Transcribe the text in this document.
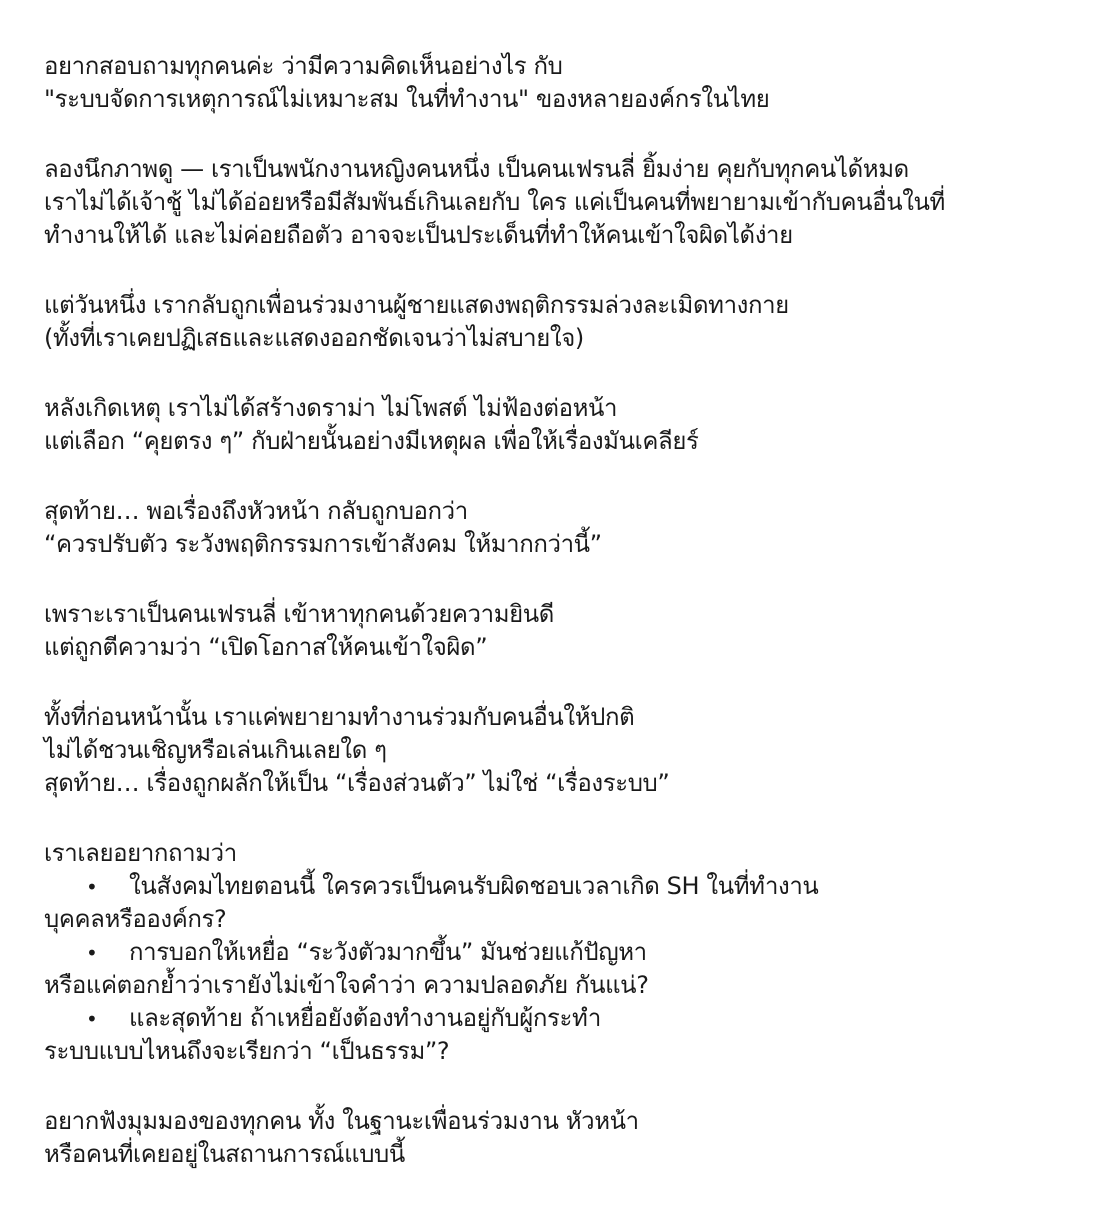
อยากสอบถามทุกคนค่ะ ว่ามีความคิดเห็นอย่างไร กับ
"ระบบจัดการเหตุการณ์ไม่เหมาะสม ในที่ทำงาน" ของหลายองค์กรในไทย
ลองนึกภาพดู — เราเป็นพนักงานหญิงคนหนึ่ง เป็นคนเฟรนลี่ ยิ้มง่าย คุยกับทุกคนได้หมด
เราไม่ได้เจ้าชู้ ไม่ได้อ่อยหรือมีสัมพันธ์เกินเลยกับ ใคร แค่เป็นคนที่พยายามเข้ากับคนอื่นในที่
ทำงานให้ได้ และไม่ค่อยถือตัว อาจจะเป็นประเด็นที่ทำให้คนเข้าใจผิดได้ง่าย
แต่วันหนึ่ง เรากลับถูกเพื่อนร่วมงานผู้ชายแสดงพฤติกรรมล่วงละเมิดทางกาย
(ทั้งที่เราเคยปฏิเสธและแสดงออกชัดเจนว่าไม่สบายใจ)
หลังเกิดเหตุ เราไม่ได้สร้างดราม่า ไม่โพสต์ ไม่ฟ้องต่อหน้า
แต่เลือก “คุยตรง ๆ” กับฝ่ายนั้นอย่างมีเหตุผล เพื่อให้เรื่องมันเคลียร์
สุดท้าย… พอเรื่องถึงหัวหน้า กลับถูกบอกว่า
“ควรปรับตัว ระวังพฤติกรรมการเข้าสังคม ให้มากกว่านี้”
เพราะเราเป็นคนเฟรนลี่ เข้าหาทุกคนด้วยความยินดี
แต่ถูกตีความว่า “เปิดโอกาสให้คนเข้าใจผิด”
ทั้งที่ก่อนหน้านั้น เราแค่พยายามทำงานร่วมกับคนอื่นให้ปกติ
ไม่ได้ชวนเชิญหรือเล่นเกินเลยใด ๆ
สุดท้าย… เรื่องถูกผลักให้เป็น “เรื่องส่วนตัว” ไม่ใช่ “เรื่องระบบ”
เราเลยอยากถามว่า
• ในสังคมไทยตอนนี้ ใครควรเป็นคนรับผิดชอบเวลาเกิด SH ในที่ทำงาน
บุคคลหรือองค์กร?
• การบอกให้เหยื่อ “ระวังตัวมากขึ้น” มันช่วยแก้ปัญหา
หรือแค่ตอกย้ำว่าเรายังไม่เข้าใจคำว่า ความปลอดภัย กันแน่?
• และสุดท้าย ถ้าเหยื่อยังต้องทำงานอยู่กับผู้กระทำ
ระบบแบบไหนถึงจะเรียกว่า “เป็นธรรม”?
อยากฟังมุมมองของทุกคน ทั้ง ในฐานะเพื่อนร่วมงาน หัวหน้า
หรือคนที่เคยอยู่ในสถานการณ์แบบนี้
